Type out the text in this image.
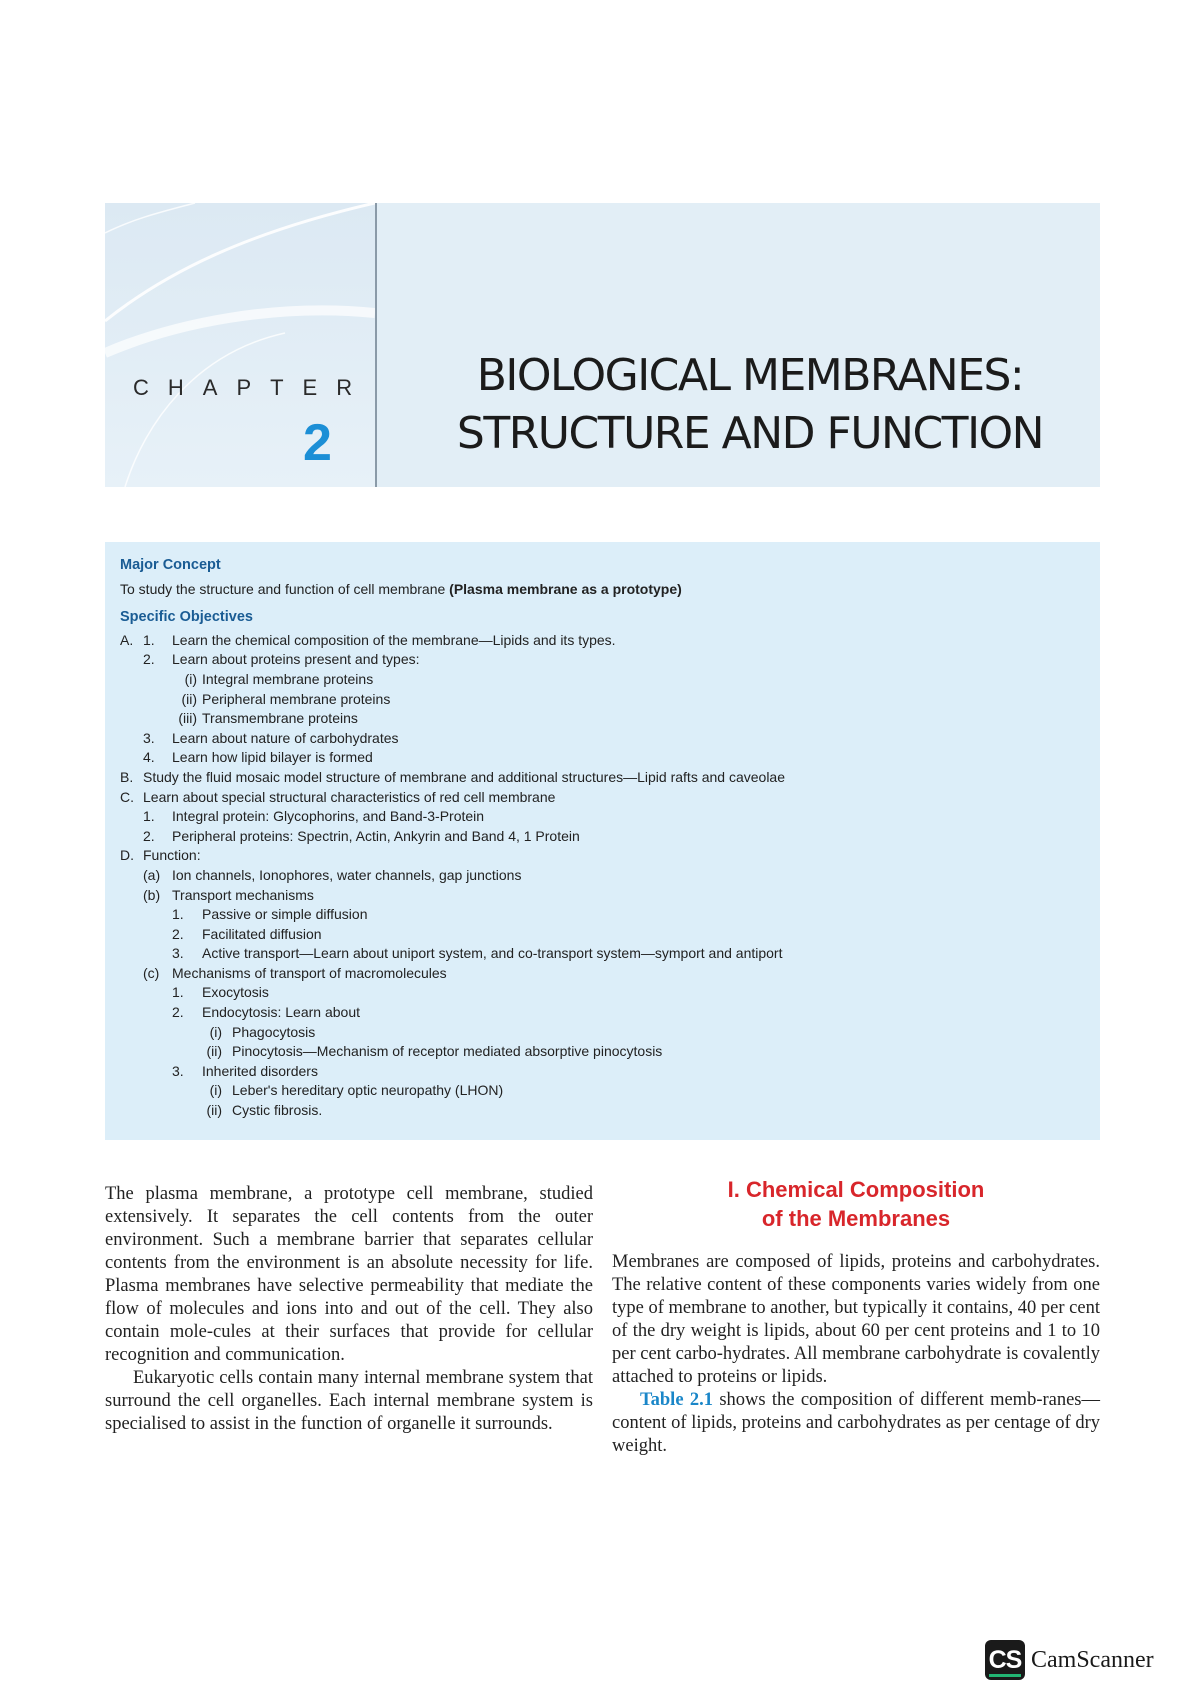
CHAPTER
2
BIOLOGICAL MEMBRANES:
STRUCTURE AND FUNCTION
Major Concept
To study the structure and function of cell membrane (Plasma membrane as a prototype)
Specific Objectives
A. 1.	Learn the chemical composition of the membrane—Lipids and its types.
2.	Learn about proteins present and types:
(i) Integral membrane proteins
(ii) Peripheral membrane proteins
(iii) Transmembrane proteins
3.	Learn about nature of carbohydrates
4.	Learn how lipid bilayer is formed
B. Study the fluid mosaic model structure of membrane and additional structures—Lipid rafts and caveolae
C. Learn about special structural characteristics of red cell membrane
1.	Integral protein: Glycophorins, and Band-3-Protein
2.	Peripheral proteins: Spectrin, Actin, Ankyrin and Band 4, 1 Protein
D. Function:
(a) Ion channels, Ionophores, water channels, gap junctions
(b) Transport mechanisms
1.	Passive or simple diffusion
2.	Facilitated diffusion
3.	Active transport—Learn about uniport system, and co-transport system—symport and antiport
(c) Mechanisms of transport of macromolecules
1.	Exocytosis
2.	Endocytosis: Learn about
(i) Phagocytosis
(ii) Pinocytosis—Mechanism of receptor mediated absorptive pinocytosis
3.	Inherited disorders
(i) Leber's hereditary optic neuropathy (LHON)
(ii) Cystic fibrosis.

The plasma membrane, a prototype cell membrane, studied extensively. It separates the cell contents from the outer environment. Such a membrane barrier that separates cellular contents from the environment is an absolute necessity for life. Plasma membranes have selective permeability that mediate the flow of molecules and ions into and out of the cell. They also contain mole-cules at their surfaces that provide for cellular recognition and communication.

Eukaryotic cells contain many internal membrane system that surround the cell organelles. Each internal membrane system is specialised to assist in the function of organelle it surrounds.

I. Chemical Composition
of the Membranes

Membranes are composed of lipids, proteins and carbohydrates. The relative content of these components varies widely from one type of membrane to another, but typically it contains, 40 per cent of the dry weight is lipids, about 60 per cent proteins and 1 to 10 per cent carbo-hydrates. All membrane carbohydrate is covalently attached to proteins or lipids.

Table 2.1 shows the composition of different memb-ranes—content of lipids, proteins and carbohydrates as per centage of dry weight.

CS CamScanner
